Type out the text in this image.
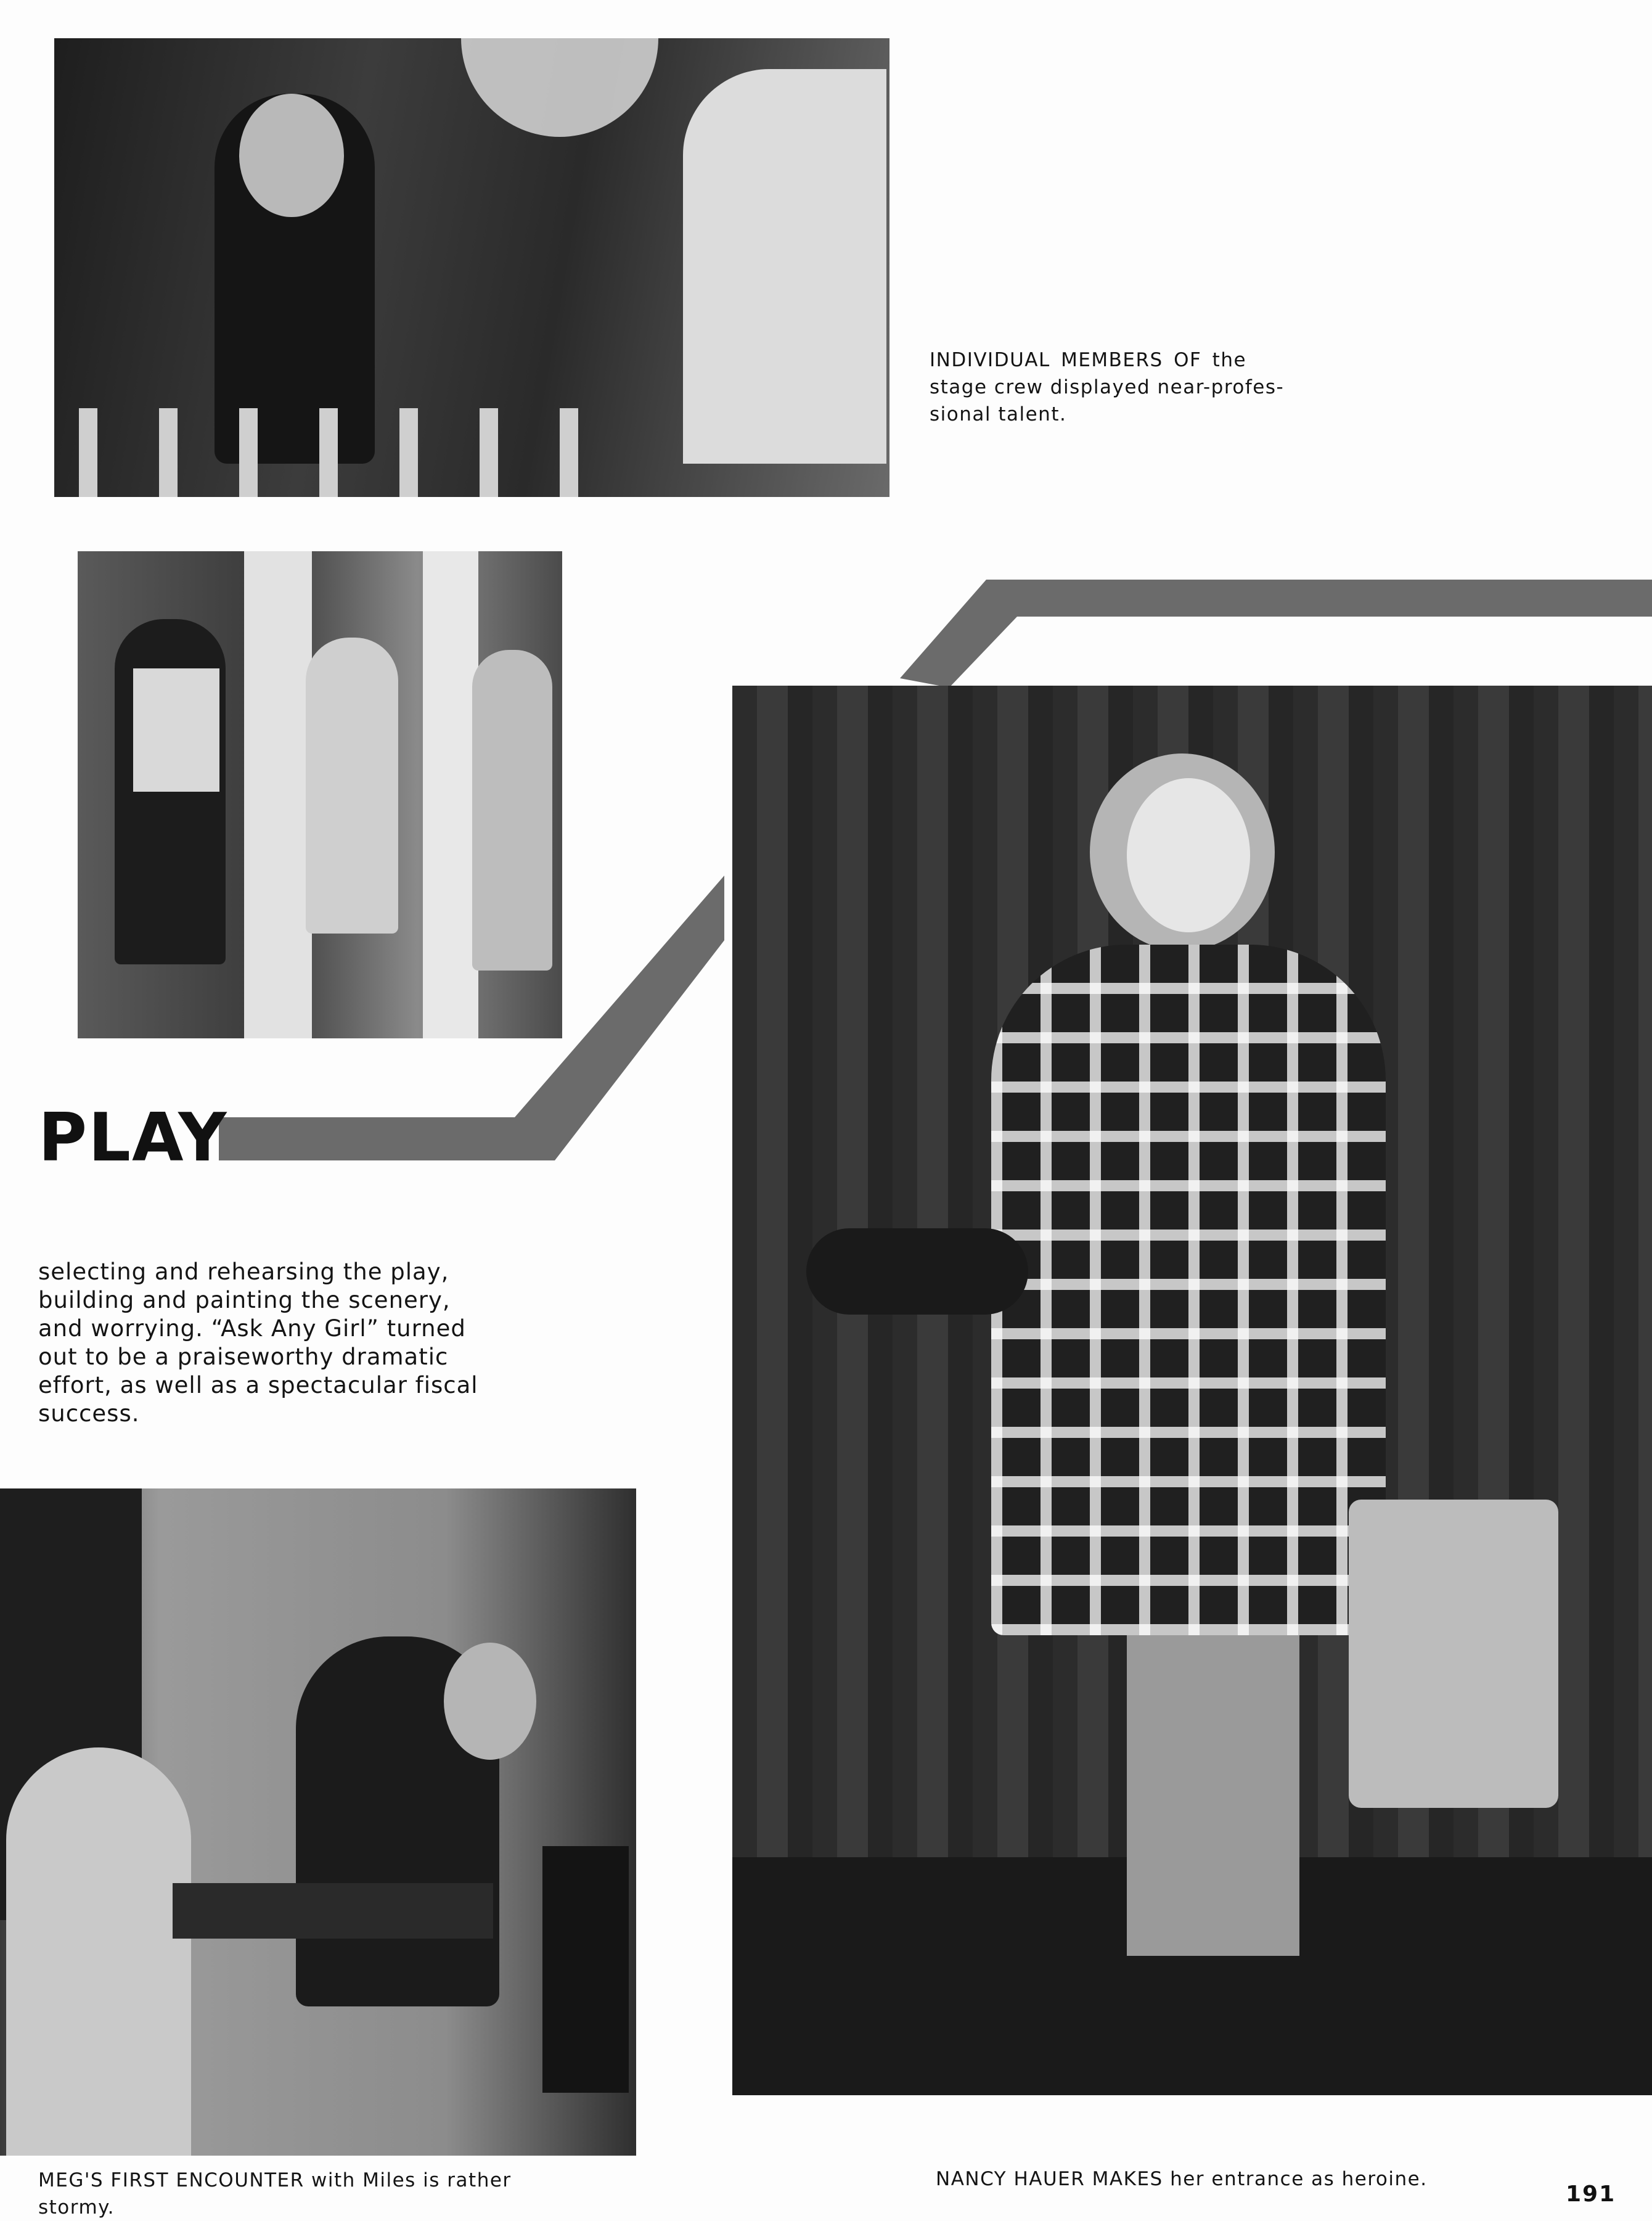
INDIVIDUAL MEMBERS OF the
stage crew displayed near-profes-
sional talent.
PLAY
selecting and rehearsing the play,
building and painting the scenery,
and worrying. “Ask Any Girl” turned
out to be a praiseworthy dramatic
effort, as well as a spectacular fiscal
success.
MEG'S FIRST ENCOUNTER with Miles is rather
stormy.
NANCY HAUER MAKES her entrance as heroine.
191
